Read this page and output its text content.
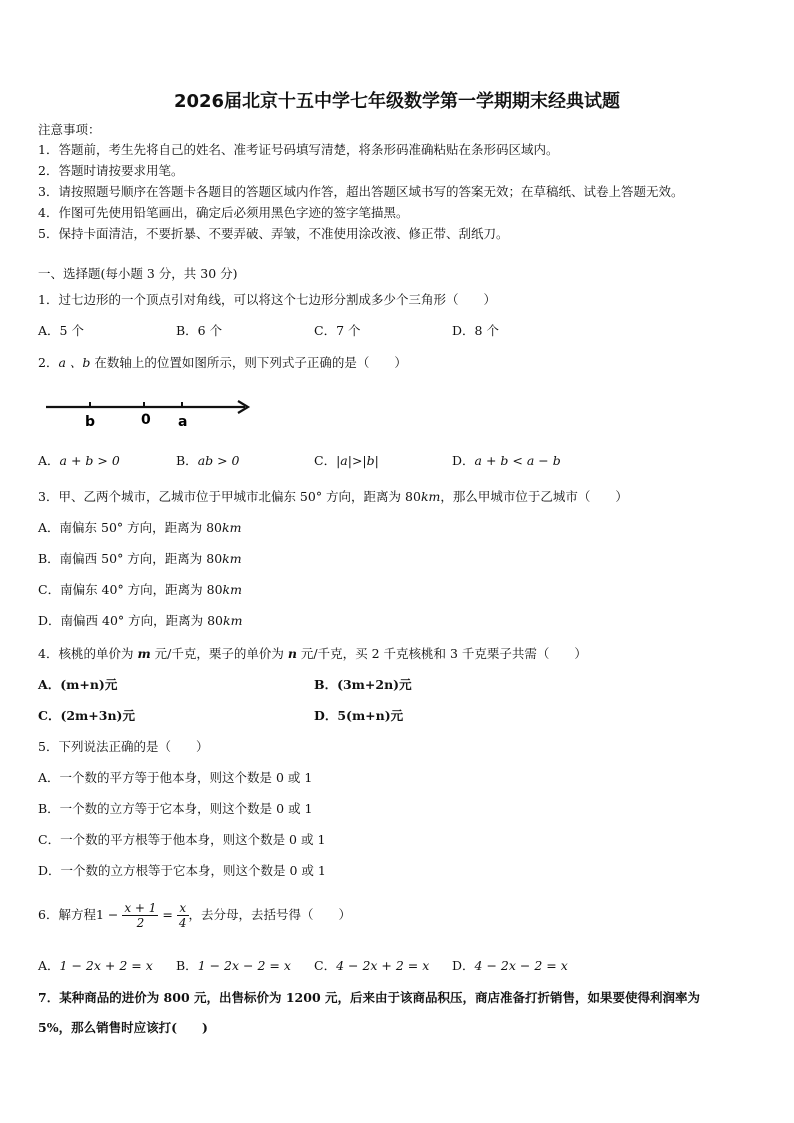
2026届北京十五中学七年级数学第一学期期末经典试题
注意事项：
1．答题前，考生先将自己的姓名、准考证号码填写清楚，将条形码准确粘贴在条形码区域内。
2．答题时请按要求用笔。
3．请按照题号顺序在答题卡各题目的答题区域内作答，超出答题区域书写的答案无效；在草稿纸、试卷上答题无效。
4．作图可先使用铅笔画出，确定后必须用黑色字迹的签字笔描黑。
5．保持卡面清洁，不要折暴、不要弄破、弄皱，不准使用涂改液、修正带、刮纸刀。
一、选择题(每小题 3 分，共 30 分)
1．过七边形的一个顶点引对角线，可以将这个七边形分割成多少个三角形（　　）
A．5 个	B．6 个	C．7 个	D．8 个
2．a 、b 在数轴上的位置如图所示，则下列式子正确的是（　　）
b	0 a
A．a + b > 0	B．ab > 0	C．|a|>|b|	D．a + b < a − b
3．甲、乙两个城市，乙城市位于甲城市北偏东 50° 方向，距离为 80km，那么甲城市位于乙城市（　　）
A．南偏东 50° 方向，距离为 80km
B．南偏西 50° 方向，距离为 80km
C．南偏东 40° 方向，距离为 80km
D．南偏西 40° 方向，距离为 80km
4．核桃的单价为 m 元/千克，栗子的单价为 n 元/千克，买 2 千克核桃和 3 千克栗子共需（　　）
A．(m+n)元	B．(3m+2n)元
C．(2m+3n)元	D．5(m+n)元
5．下列说法正确的是（　　）
A．一个数的平方等于他本身，则这个数是 0 或 1
B．一个数的立方等于它本身，则这个数是 0 或 1
C．一个数的平方根等于他本身，则这个数是 0 或 1
D．一个数的立方根等于它本身，则这个数是 0 或 1
6．解方程$1 - \frac{x + 1}{2} = \frac{x}{4}$ ，去分母，去括号得（　　）
A．1 − 2x + 2 = x B．1 − 2x − 2 = x C．4 − 2x + 2 = x D．4 − 2x − 2 = x
7．某种商品的进价为 800 元，出售标价为 1200 元，后来由于该商品积压，商店准备打折销售，如果要使得利润率为
5%，那么销售时应该打(　　)
